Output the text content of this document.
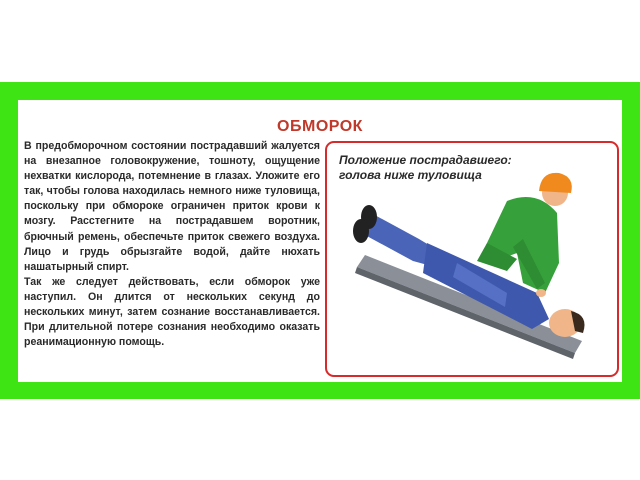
ОБМОРОК

В предобморочном состоянии пострадавший жалуется на внезапное головокружение, тошноту, ощущение нехватки кислорода, потемнение в глазах. Уложите его так, чтобы голова находилась немного ниже туловища, поскольку при обмороке ограничен приток крови к мозгу. Расстегните на пострадавшем воротник, брючный ремень, обеспечьте приток свежего воздуха. Лицо и грудь обрызгайте водой, дайте нюхать нашатырный спирт.

Так же следует действовать, если обморок уже наступил. Он длится от нескольких секунд до нескольких минут, затем сознание восстанавливается. При длительной потере сознания необходимо оказать реанимационную помощь.

Положение пострадавшего:
голова ниже туловища
